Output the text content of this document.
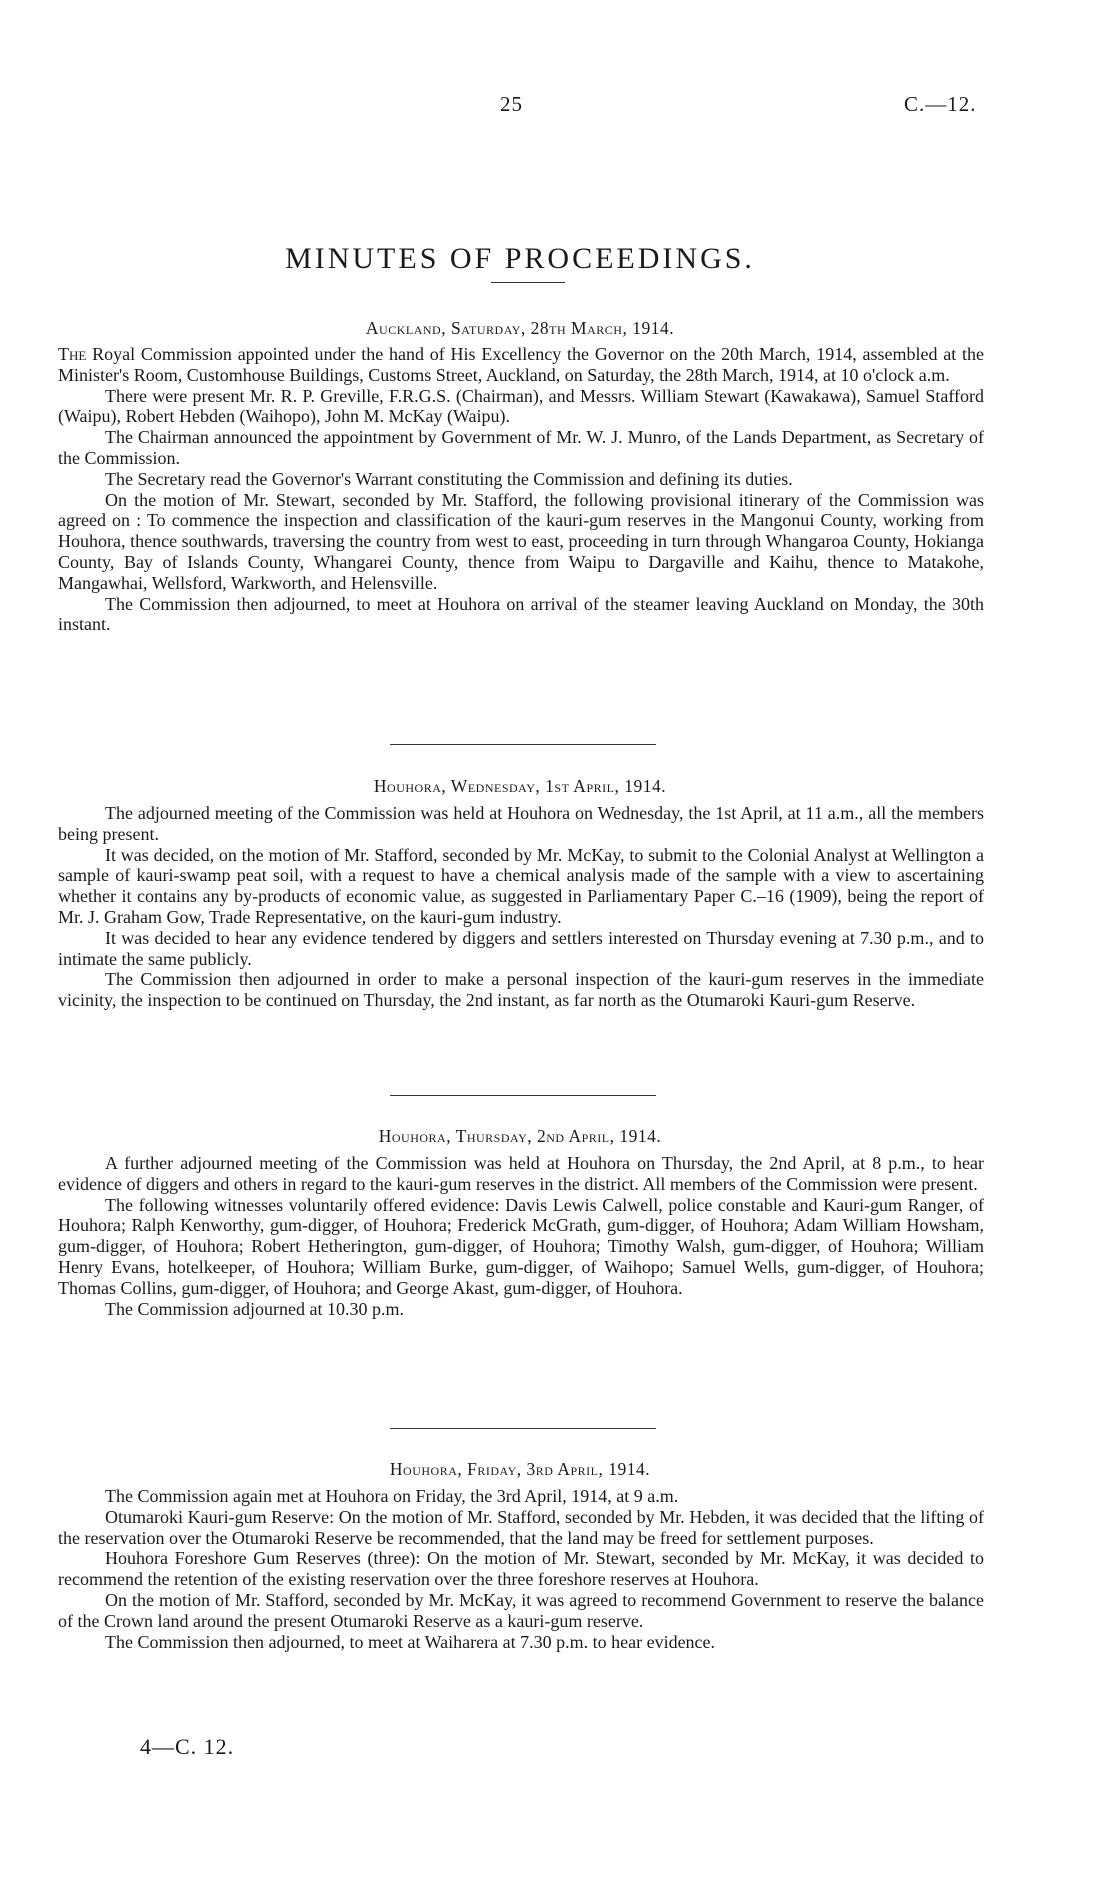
25	C.—12.
MINUTES OF PROCEEDINGS.
Auckland, Saturday, 28th March, 1914.

The Royal Commission appointed under the hand of His Excellency the Governor on the 20th March, 1914, assembled at the Minister's Room, Customhouse Buildings, Customs Street, Auckland, on Saturday, the 28th March, 1914, at 10 o'clock a.m.

There were present Mr. R. P. Greville, F.R.G.S. (Chairman), and Messrs. William Stewart (Kawakawa), Samuel Stafford (Waipu), Robert Hebden (Waihopo), John M. McKay (Waipu).

The Chairman announced the appointment by Government of Mr. W. J. Munro, of the Lands Department, as Secretary of the Commission.

The Secretary read the Governor's Warrant constituting the Commission and defining its duties.

On the motion of Mr. Stewart, seconded by Mr. Stafford, the following provisional itinerary of the Commission was agreed on : To commence the inspection and classification of the kauri-gum reserves in the Mangonui County, working from Houhora, thence southwards, traversing the country from west to east, proceeding in turn through Whangaroa County, Hokianga County, Bay of Islands County, Whangarei County, thence from Waipu to Dargaville and Kaihu, thence to Matakohe, Mangawhai, Wellsford, Warkworth, and Helensville.

The Commission then adjourned, to meet at Houhora on arrival of the steamer leaving Auckland on Monday, the 30th instant.

Houhora, Wednesday, 1st April, 1914.

The adjourned meeting of the Commission was held at Houhora on Wednesday, the 1st April, at 11 a.m., all the members being present.

It was decided, on the motion of Mr. Stafford, seconded by Mr. McKay, to submit to the Colonial Analyst at Wellington a sample of kauri-swamp peat soil, with a request to have a chemical analysis made of the sample with a view to ascertaining whether it contains any by-products of economic value, as suggested in Parliamentary Paper C.–16 (1909), being the report of Mr. J. Graham Gow, Trade Representative, on the kauri-gum industry.

It was decided to hear any evidence tendered by diggers and settlers interested on Thursday evening at 7.30 p.m., and to intimate the same publicly.

The Commission then adjourned in order to make a personal inspection of the kauri-gum reserves in the immediate vicinity, the inspection to be continued on Thursday, the 2nd instant, as far north as the Otumaroki Kauri-gum Reserve.

Houhora, Thursday, 2nd April, 1914.

A further adjourned meeting of the Commission was held at Houhora on Thursday, the 2nd April, at 8 p.m., to hear evidence of diggers and others in regard to the kauri-gum reserves in the district. All members of the Commission were present.

The following witnesses voluntarily offered evidence: Davis Lewis Calwell, police constable and Kauri-gum Ranger, of Houhora; Ralph Kenworthy, gum-digger, of Houhora; Frederick McGrath, gum-digger, of Houhora; Adam William Howsham, gum-digger, of Houhora; Robert Hetherington, gum-digger, of Houhora; Timothy Walsh, gum-digger, of Houhora; William Henry Evans, hotelkeeper, of Houhora; William Burke, gum-digger, of Waihopo; Samuel Wells, gum-digger, of Houhora; Thomas Collins, gum-digger, of Houhora; and George Akast, gum-digger, of Houhora.

The Commission adjourned at 10.30 p.m.

Houhora, Friday, 3rd April, 1914.

The Commission again met at Houhora on Friday, the 3rd April, 1914, at 9 a.m.

Otumaroki Kauri-gum Reserve: On the motion of Mr. Stafford, seconded by Mr. Hebden, it was decided that the lifting of the reservation over the Otumaroki Reserve be recommended, that the land may be freed for settlement purposes.

Houhora Foreshore Gum Reserves (three): On the motion of Mr. Stewart, seconded by Mr. McKay, it was decided to recommend the retention of the existing reservation over the three foreshore reserves at Houhora.

On the motion of Mr. Stafford, seconded by Mr. McKay, it was agreed to recommend Government to reserve the balance of the Crown land around the present Otumaroki Reserve as a kauri-gum reserve.

The Commission then adjourned, to meet at Waiharera at 7.30 p.m. to hear evidence.

4—C. 12.
